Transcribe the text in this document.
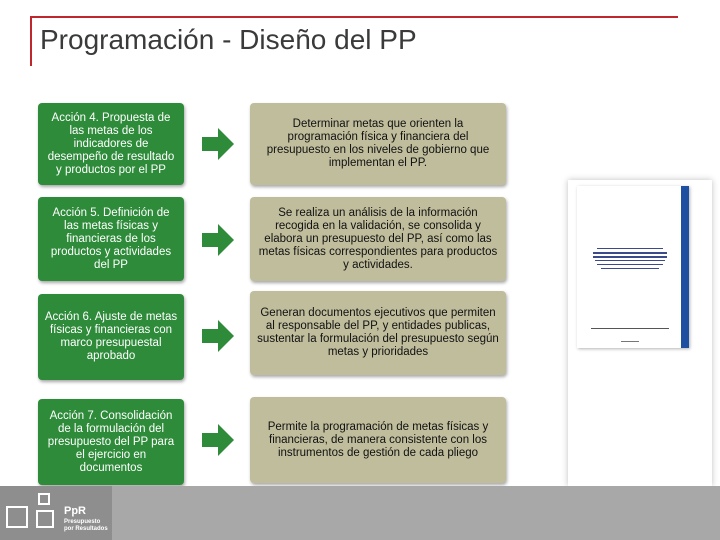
Programación - Diseño del PP
Acción 4. Propuesta de las metas de los indicadores de desempeño de resultado y productos por el PP
Determinar metas que orienten la programación física y financiera del presupuesto en los niveles de gobierno que implementan el PP.
Acción 5. Definición de las metas físicas y financieras de los productos y actividades del PP
Se realiza un análisis de la información recogida en la validación, se consolida y elabora un presupuesto del PP, así como las metas físicas correspondientes para productos y actividades.
Acción 6. Ajuste de metas físicas y financieras con marco presupuestal aprobado
Generan documentos ejecutivos que permiten al responsable del PP, y entidades publicas, sustentar la formulación del presupuesto según metas y prioridades
Acción 7. Consolidación de la formulación del presupuesto del PP para el ejercicio en documentos
Permite la programación de metas físicas y financieras, de manera consistente con los instrumentos de gestión de cada pliego
PpR
Presupuesto
por Resultados
